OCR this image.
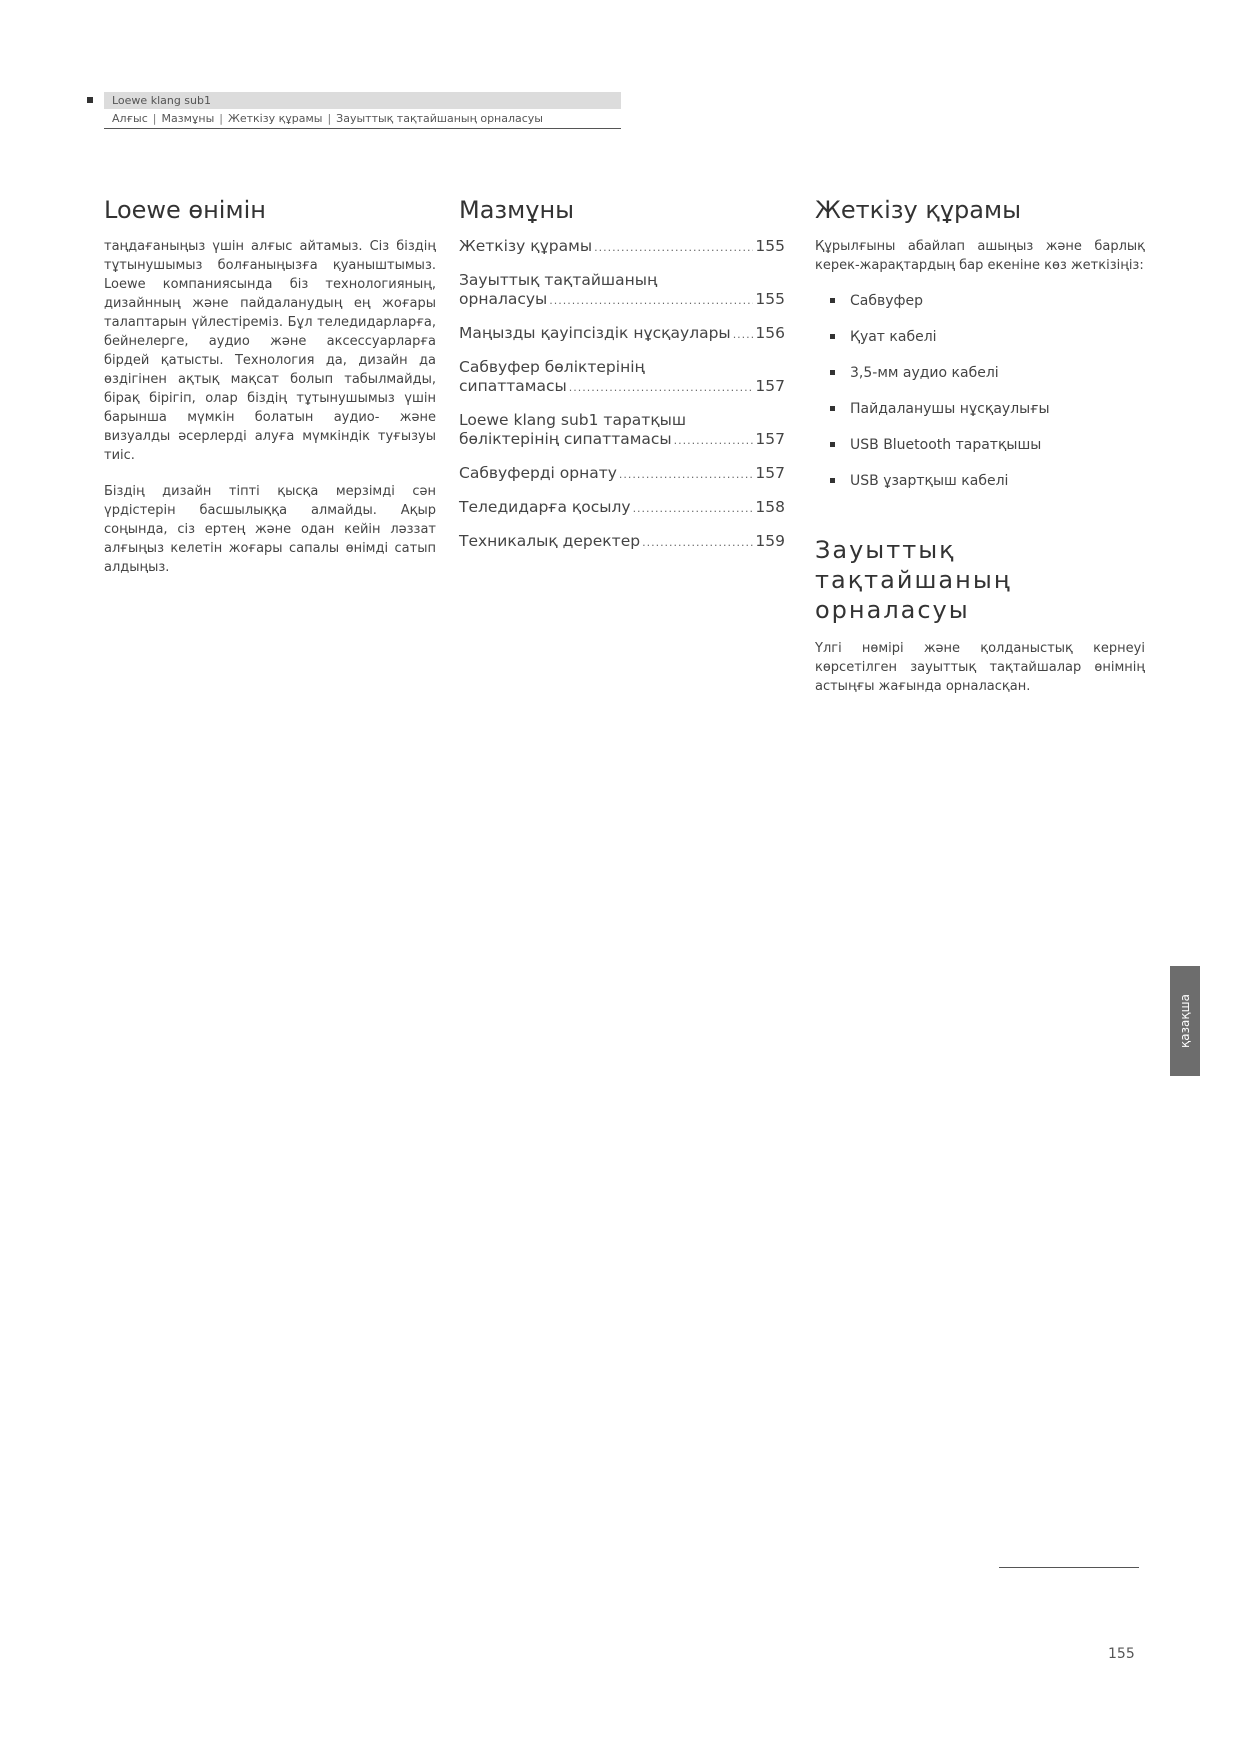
Loewe klang sub1
Алғыс | Мазмұны | Жеткізу құрамы | Зауыттық тақтайшаның орналасуы
Loewe өнімін

таңдағаныңыз үшін алғыс айтамыз. Сіз біздің тұтынушымыз болғаныңызға қуаныштымыз. Loewe компаниясында біз технологияның, дизайнның және пайдаланудың ең жоғары талаптарын үйлестіреміз. Бұл теледидарларға, бейнелерге, аудио және аксессуарларға бірдей қатысты. Технология да, дизайн да өздігінен ақтық мақсат болып табылмайды, бірақ бірігіп, олар біздің тұтынушымыз үшін барынша мүмкін болатын аудио- және визуалды әсерлерді алуға мүмкіндік туғызуы тиіс.

Біздің дизайн тіпті қысқа мерзімді сән үрдістерін басшылыққа алмайды. Ақыр соңында, сіз ертең және одан кейін ләззат алғыңыз келетін жоғары сапалы өнімді сатып алдыңыз.

Мазмұны
Жеткізу құрамы .....	155
Зауыттық тақтайшаның
орналасуы .....	155
Маңызды қауіпсіздік нұсқаулары ..... 156
Сабвуфер бөліктерінің
сипаттамасы .....	157
Loewe klang sub1 таратқыш
бөліктерінің сипаттамасы .....	157
Сабвуферді орнату .....	157
Теледидарға қосылу .....	158
Техникалық деректер .....	159
Жеткізу құрамы

Құрылғыны абайлап ашыңыз және барлық керек-жарақтардың бар екеніне көз жеткізіңіз:

Сабвуфер
Қуат кабелі
3,5-мм аудио кабелі
Пайдаланушы нұсқаулығы
USB Bluetooth таратқышы
USB ұзартқыш кабелі
Зауыттық тақтайшаның орналасуы

Үлгі нөмірі және қолданыстық кернеуі көрсетілген зауыттық тақтайшалар өнімнің астыңғы жағында орналасқан.

қазақша
155
